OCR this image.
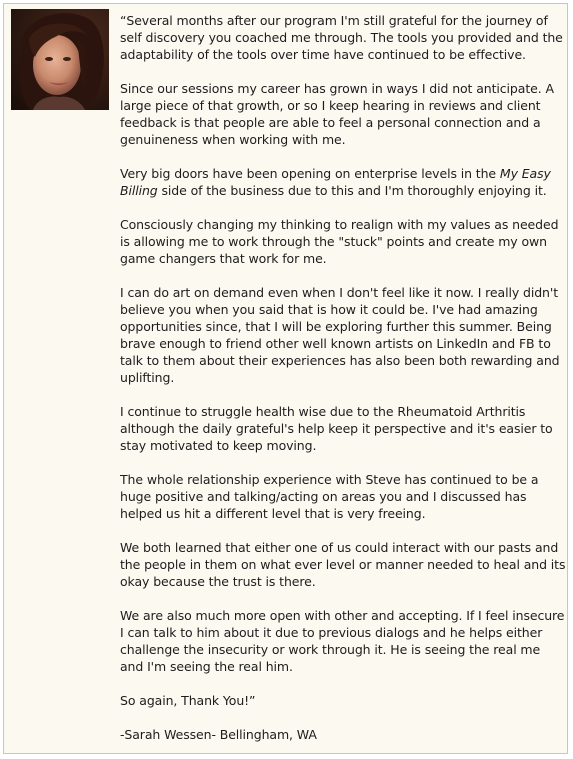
“Several months after our program I'm still grateful for the journey of self discovery you coached me through. The tools you provided and the adaptability of the tools over time have continued to be effective.

Since our sessions my career has grown in ways I did not anticipate. A large piece of that growth, or so I keep hearing in reviews and client feedback is that people are able to feel a personal connection and a genuineness when working with me.

Very big doors have been opening on enterprise levels in the My Easy Billing side of the business due to this and I'm thoroughly enjoying it.

Consciously changing my thinking to realign with my values as needed is allowing me to work through the "stuck" points and create my own game changers that work for me.

I can do art on demand even when I don't feel like it now. I really didn't believe you when you said that is how it could be. I've had amazing opportunities since, that I will be exploring further this summer. Being brave enough to friend other well known artists on LinkedIn and FB to talk to them about their experiences has also been both rewarding and uplifting.

I continue to struggle health wise due to the Rheumatoid Arthritis although the daily grateful's help keep it perspective and it's easier to stay motivated to keep moving.

The whole relationship experience with Steve has continued to be a huge positive and talking/acting on areas you and I discussed has helped us hit a different level that is very freeing.

We both learned that either one of us could interact with our pasts and the people in them on what ever level or manner needed to heal and its okay because the trust is there.

We are also much more open with other and accepting. If I feel insecure I can talk to him about it due to previous dialogs and he helps either challenge the insecurity or work through it. He is seeing the real me and I'm seeing the real him.

So again, Thank You!”

-Sarah Wessen- Bellingham, WA
